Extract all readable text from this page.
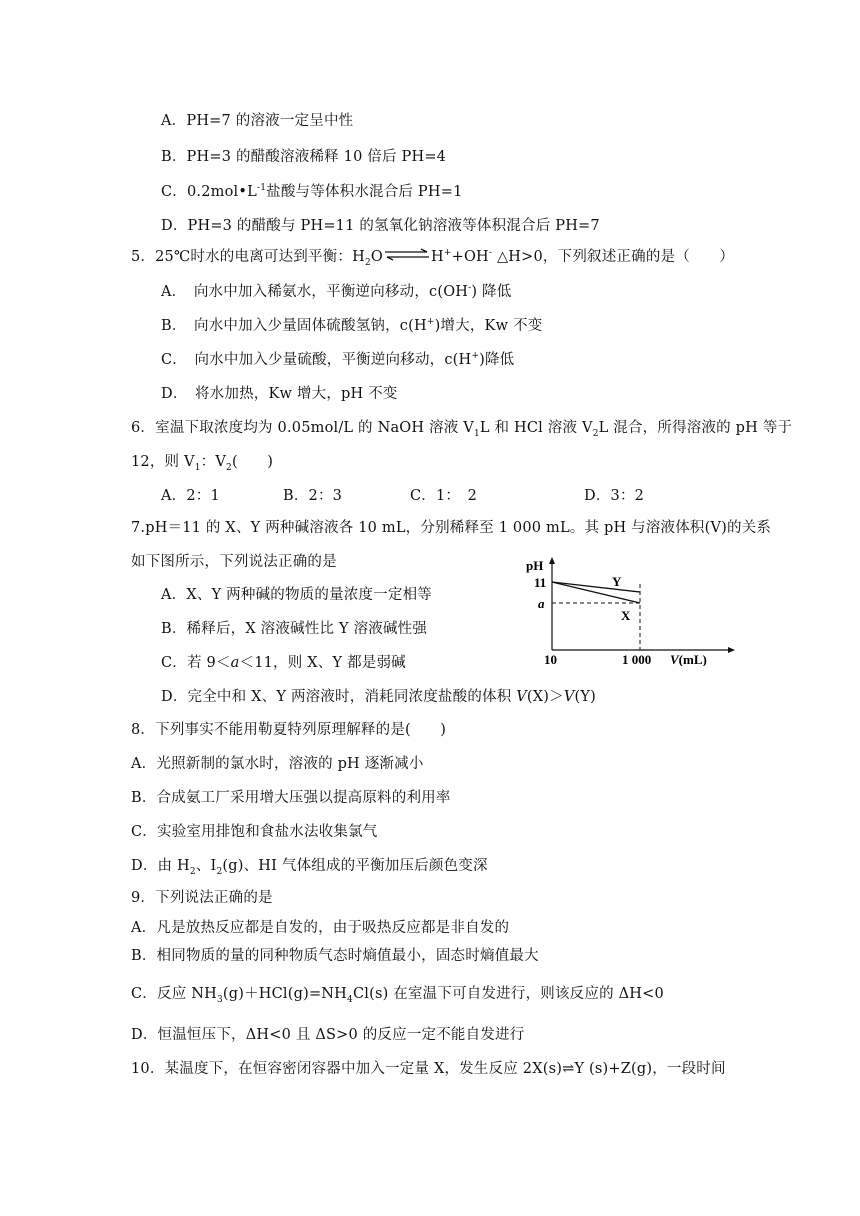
A．PH=7 的溶液一定呈中性
B．PH=3 的醋酸溶液稀释 10 倍后 PH=4
C．$0.2mol•L^{-1}$盐酸与等体积水混合后 PH=1
D．PH=3 的醋酸与 PH=11 的氢氧化钠溶液等体积混合后 PH=7
5．25℃时水的电离可达到平衡：$H_2O\rightleftharpoons H^++OH^-$ △H>0，下列叙述正确的是（　　）
A．　向水中加入稀氨水，平衡逆向移动，c(OH-) 降低
B．　向水中加入少量固体硫酸氢钠，c(H+)增大，Kw 不变
C．　向水中加入少量硫酸，平衡逆向移动，c(H+)降低
D．　将水加热，Kw 增大，pH 不变
6．室温下取浓度均为 0.05mol/L 的 NaOH 溶液 $V_1L$ 和 HCl 溶液 $V_2L$ 混合，所得溶液的 pH 等于
12，则 $V_1$：$V_2$(　　)
A．2：1	B．2：3	C．1：　2	D．3：2
7.pH＝11 的 X、Y 两种碱溶液各 10 mL，分别稀释至 1 000 mL。其 pH 与溶液体积(V)的关系
如下图所示，下列说法正确的是
A．X、Y 两种碱的物质的量浓度一定相等
B．稀释后，X 溶液碱性比 Y 溶液碱性强
C．若 9＜a＜11，则 X、Y 都是弱碱
D．完全中和 X、Y 两溶液时，消耗同浓度盐酸的体积 V(X)＞V(Y)
pH
11
a
Y
X
10	1 000 V(mL)
8．下列事实不能用勒夏特列原理解释的是(　　)
A．光照新制的氯水时，溶液的 pH 逐渐减小
B．合成氨工厂采用增大压强以提高原料的利用率
C．实验室用排饱和食盐水法收集氯气
D．由 $H_2$、$I_2(g)$、HI 气体组成的平衡加压后颜色变深
9．下列说法正确的是
A．凡是放热反应都是自发的，由于吸热反应都是非自发的
B．相同物质的量的同种物质气态时熵值最小，固态时熵值最大
C．反应 $NH_3(g)+HCl(g)=NH_4Cl(s)$ 在室温下可自发进行，则该反应的 ΔH<0
D．恒温恒压下，ΔH<0 且 ΔS>0 的反应一定不能自发进行
10．某温度下，在恒容密闭容器中加入一定量 X，发生反应 2X(s)⇌Y (s)+Z(g)，一段时间
